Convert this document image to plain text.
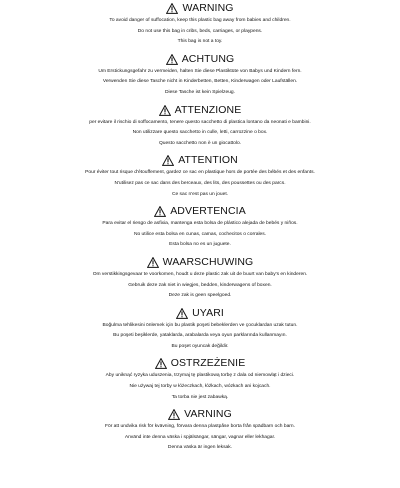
WARNING
To avoid danger of suffocation, keep this plastic bag away from babies and children.
Do not use this bag in cribs, beds, carriages, or playpens.
This bag is not a toy.
ACHTUNG
Um Erstickungsgefahr zu vermeiden, halten Sie diese Plastiktüte von Babys und Kindern fern.
Verwenden Sie diese Tasche nicht in Kinderbetten, Betten, Kinderwagen oder Laufställen.
Diese Tasche ist kein Spielzeug.
ATTENZIONE
per evitare il rischio di soffocamento, tenere questo sacchetto di plastica lontano da neonati e bambini.
Non utilizzare questo sacchetto in culle, letti, carrozzine o box.
Questo sacchetto non è un giocattolo.
ATTENTION
Pour éviter tout risque d'étouffement, gardez ce sac en plastique hors de portée des bébés et des enfants.
N'utilisez pas ce sac dans des berceaux, des lits, des poussettes ou des parcs.
Ce sac n'est pas un jouet.
ADVERTENCIA
Para evitar el riesgo de asfixia, mantenga esta bolsa de plástico alejada de bebés y niños.
No utilice esta bolsa en cunas, camas, cochecitos o corrales.
Esta bolsa no es un juguete.
WAARSCHUWING
Om verstikkingsgevaar te voorkomen, houdt u deze plastic zak uit de buurt van baby's en kinderen.
Gebruik deze zak niet in wiegjes, bedden, kinderwagens of boxen.
Deze zak is geen speelgoed.
UYARI
Boğulma tehlikesini önlemek için bu plastik poşeti bebeklerden ve çocuklardan uzak tutun.
Bu poşeti beşiklerde, yataklarda, arabalarda veya oyun parklarında kullanmayın.
Bu poşet oyuncak değildir.
OSTRZEŻENIE
Aby uniknąć ryzyka uduszenia, trzymaj tę plastikową torbę z dala od niemowląt i dzieci.
Nie używaj tej torby w łóżeczkach, łóżkach, wózkach ani kojcach.
Ta torba nie jest zabawką.
VARNING
För att undvika risk för kvävning, förvara denna plastpåse borta från spädbarn och barn.
Använd inte denna väska i spjälsängar, sängar, vagnar eller lekhagar.
Denna väska är ingen leksak.
